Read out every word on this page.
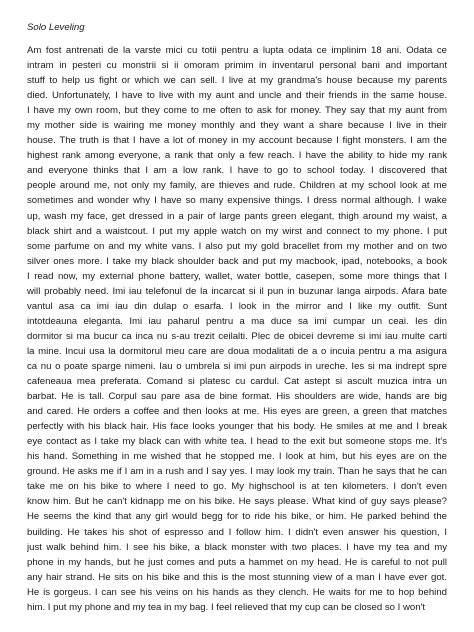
Solo Leveling
Am fost antrenati de la varste mici cu totii pentru a lupta odata ce implinim 18 ani. Odata ce
intram in pesteri cu monstrii si ii omoram primim in inventarul personal bani and important
stuff to help us fight or which we can sell. I live at my grandma's house because my parents
died. Unfortunately, I have to live with my aunt and uncle and their friends in the same house.
I have my own room, but they come to me often to ask for money. They say that my aunt from
my mother side is wairing me money monthly and they want a share because I live in their
house. The truth is that I have a lot of money in my account because I fight monsters. I am the
highest rank among everyone, a rank that only a few reach. I have the ability to hide my rank
and everyone thinks that I am a low rank. I have to go to school today. I discovered that
people around me, not only my family, are thieves and rude. Children at my school look at me
sometimes and wonder why I have so many expensive things. I dress normal although. I wake
up, wash my face, get dressed in a pair of large pants green elegant, thigh around my waist, a
black shirt and a waistcout. I put my apple watch on my wirst and connect to my phone. I put
some parfume on and my white vans. I also put my gold bracellet from my mother and on two
silver ones more. I take my black shoulder back and put my macbook, ipad, notebooks, a book
I read now, my external phone battery, wallet, water bottle, casepen, some more things that I
will probably need. Imi iau telefonul de la incarcat si il pun in buzunar langa airpods. Afara bate
vantul asa ca imi iau din dulap o esarfa. I look in the mirror and I like my outfit. Sunt
intotdeauna eleganta. Imi iau paharul pentru a ma duce sa imi cumpar un ceai. Ies din
dormitor si ma bucur ca inca nu s-au trezit ceilalti. Plec de obicei devreme si imi iau multe carti
la mine. Incui usa la dormitorul meu care are doua modalitati de a o incuia pentru a ma asigura
ca nu o poate sparge nimeni. Iau o umbrela si imi pun airpods in ureche. Ies si ma indrept spre
cafeneaua mea preferata. Comand si platesc cu cardul. Cat astept si ascult muzica intra un
barbat. He is tall. Corpul sau pare asa de bine format. His shoulders are wide, hands are big
and cared. He orders a coffee and then looks at me. His eyes are green, a green that matches
perfectly with his black hair. His face looks younger that his body. He smiles at me and I break
eye contact as I take my black can with white tea. I head to the exit but someone stops me. It's
his hand. Something in me wished that he stopped me. I look at him, but his eyes are on the
ground. He asks me if I am in a rush and I say yes. I may look my train. Than he says that he can
take me on his bike to where I need to go. My highschool is at ten kilometers. I don't even
know him. But he can't kidnapp me on his bike. He says please. What kind of guy says please?
He seems the kind that any girl would begg for to ride his bike, or him. He parked behind the
building. He takes his shot of espresso and I follow him. I didn't even answer his question, I
just walk behind him. I see his bike, a black monster with two places. I have my tea and my
phone in my hands, but he just comes and puts a hammet on my head. He is careful to not pull
any hair strand. He sits on his bike and this is the most stunning view of a man I have ever got.
He is gorgeus. I can see his veins on his hands as they clench. He waits for me to hop behind
him. I put my phone and my tea in my bag. I feel relieved that my cup can be closed so I won't
